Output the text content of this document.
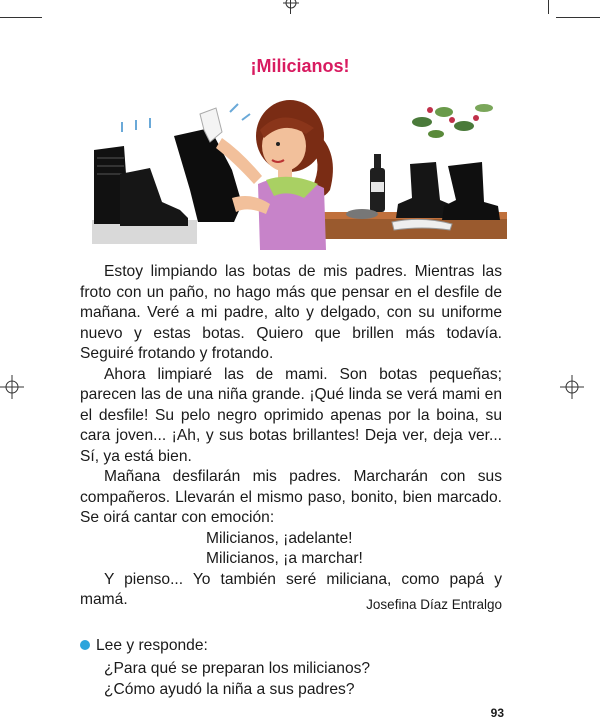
¡Milicianos!

Estoy limpiando las botas de mis padres. Mientras las froto con un paño, no hago más que pensar en el desfile de mañana. Veré a mi padre, alto y delgado, con su uniforme nuevo y estas botas. Quiero que brillen más todavía. Seguiré frotando y frotando.

Ahora limpiaré las de mami. Son botas pequeñas; parecen las de una niña grande. ¡Qué linda se verá mami en el desfile! Su pelo negro oprimido apenas por la boina, su cara joven... ¡Ah, y sus botas brillantes! Deja ver, deja ver... Sí, ya está bien.

Mañana desfilarán mis padres. Marcharán con sus compañeros. Llevarán el mismo paso, bonito, bien marcado. Se oirá cantar con emoción:

Milicianos, ¡adelante!
Milicianos, ¡a marchar!

Y pienso... Yo también seré miliciana, como papá y mamá.	Josefina Díaz Entralgo
Lee y responde:
¿Para qué se preparan los milicianos?
¿Cómo ayudó la niña a sus padres?
93
